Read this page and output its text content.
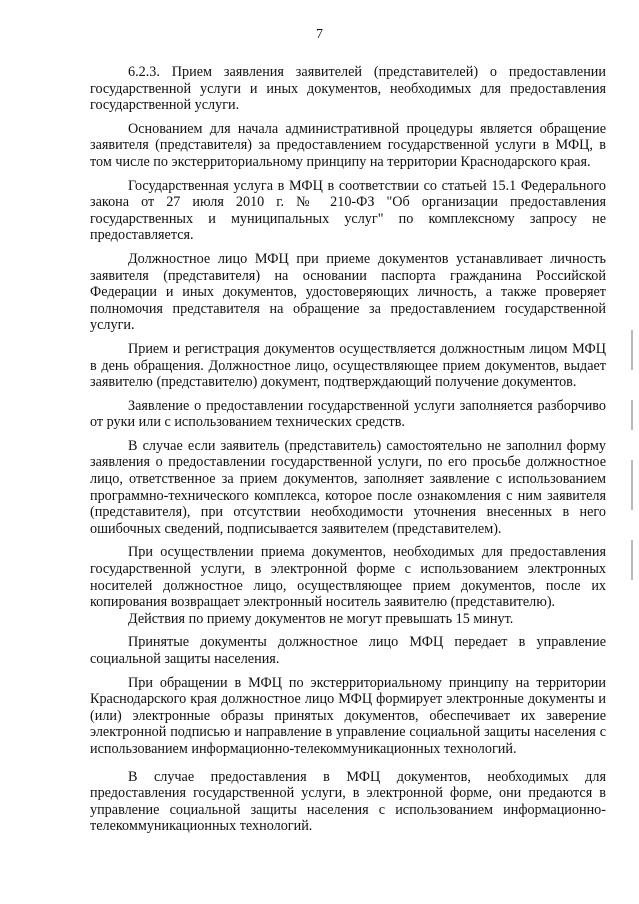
7

6.2.3. Прием заявления заявителей (представителей) о предоставлении государственной услуги и иных документов, необходимых для предоставления государственной услуги.

Основанием для начала административной процедуры является обращение заявителя (представителя) за предоставлением государственной услуги в МФЦ, в том числе по экстерриториальному принципу на территории Краснодарского края.

Государственная услуга в МФЦ в соответствии со статьей 15.1 Федерального закона от 27 июля 2010 г. № 210-ФЗ "Об организации предоставления государственных и муниципальных услуг" по комплексному запросу не предоставляется.

Должностное лицо МФЦ при приеме документов устанавливает личность заявителя (представителя) на основании паспорта гражданина Российской Федерации и иных документов, удостоверяющих личность, а также проверяет полномочия представителя на обращение за предоставлением государственной услуги.

Прием и регистрация документов осуществляется должностным лицом МФЦ в день обращения. Должностное лицо, осуществляющее прием документов, выдает заявителю (представителю) документ, подтверждающий получение документов.

Заявление о предоставлении государственной услуги заполняется разборчиво от руки или с использованием технических средств.

В случае если заявитель (представитель) самостоятельно не заполнил форму заявления о предоставлении государственной услуги, по его просьбе должностное лицо, ответственное за прием документов, заполняет заявление с использованием программно-технического комплекса, которое после ознакомления с ним заявителя (представителя), при отсутствии необходимости уточнения внесенных в него ошибочных сведений, подписывается заявителем (представителем).

При осуществлении приема документов, необходимых для предоставления государственной услуги, в электронной форме с использованием электронных носителей должностное лицо, осуществляющее прием документов, после их копирования возвращает электронный носитель заявителю (представителю).

Действия по приему документов не могут превышать 15 минут.

Принятые документы должностное лицо МФЦ передает в управление социальной защиты населения.

При обращении в МФЦ по экстерриториальному принципу на территории Краснодарского края должностное лицо МФЦ формирует электронные документы и (или) электронные образы принятых документов, обеспечивает их заверение электронной подписью и направление в управление социальной защиты населения с использованием информационно-телекоммуникационных технологий.

В случае предоставления в МФЦ документов, необходимых для предоставления государственной услуги, в электронной форме, они предаются в управление социальной защиты населения с использованием информационно-телекоммуникационных технологий.
